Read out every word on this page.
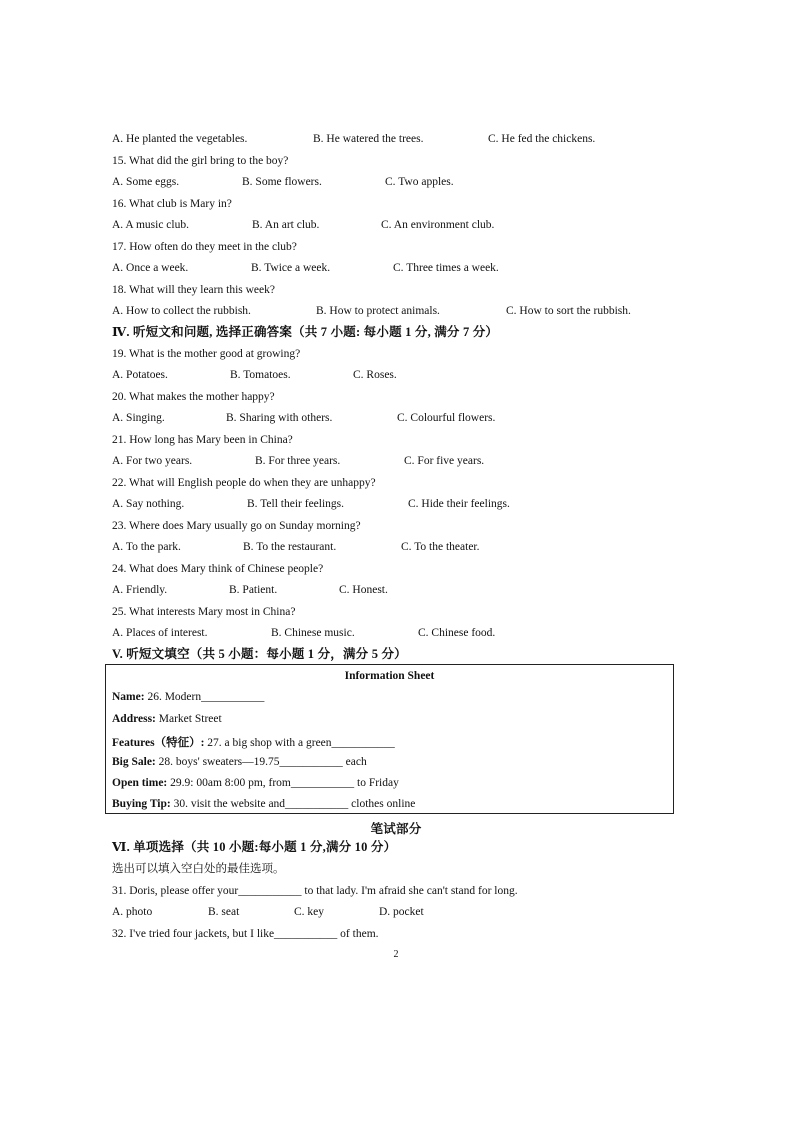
A. He planted the vegetables.	B. He watered the trees.	C. He fed the chickens.
15. What did the girl bring to the boy?
A. Some eggs.	B. Some flowers.	C. Two apples.
16. What club is Mary in?
A. A music club.	B. An art club.	C. An environment club.
17. How often do they meet in the club?
A. Once a week.	B. Twice a week.	C. Three times a week.
18. What will they learn this week?
A. How to collect the rubbish.	B. How to protect animals.	C. How to sort the rubbish.
Ⅳ. 听短文和问题, 选择正确答案（共 7 小题: 每小题 1 分, 满分 7 分）
19. What is the mother good at growing?
A. Potatoes.	B. Tomatoes.	C. Roses.
20. What makes the mother happy?
A. Singing.	B. Sharing with others.	C. Colourful flowers.
21. How long has Mary been in China?
A. For two years.	B. For three years.	C. For five years.
22. What will English people do when they are unhappy?
A. Say nothing.	B. Tell their feelings.	C. Hide their feelings.
23. Where does Mary usually go on Sunday morning?
A. To the park.	B. To the restaurant.	C. To the theater.
24. What does Mary think of Chinese people?
A. Friendly.	B. Patient.	C. Honest.
25. What interests Mary most in China?
A. Places of interest.	B. Chinese music.	C. Chinese food.
V. 听短文填空（共 5 小题：每小题 1 分，满分 5 分）
Information Sheet
Name: 26. Modern___________
Address: Market Street
Features（特征）: 27. a big shop with a green___________
Big Sale: 28. boys' sweaters—19.75___________ each
Open time: 29.9: 00am 8:00 pm, from___________ to Friday
Buying Tip: 30. visit the website and___________ clothes online
笔试部分
Ⅵ. 单项选择（共 10 小题:每小题 1 分,满分 10 分）
选出可以填入空白处的最佳选项。
31. Doris, please offer your___________ to that lady. I'm afraid she can't stand for long.
A. photo	B. seat	C. key	D. pocket
32. I've tried four jackets, but I like___________ of them.
2
